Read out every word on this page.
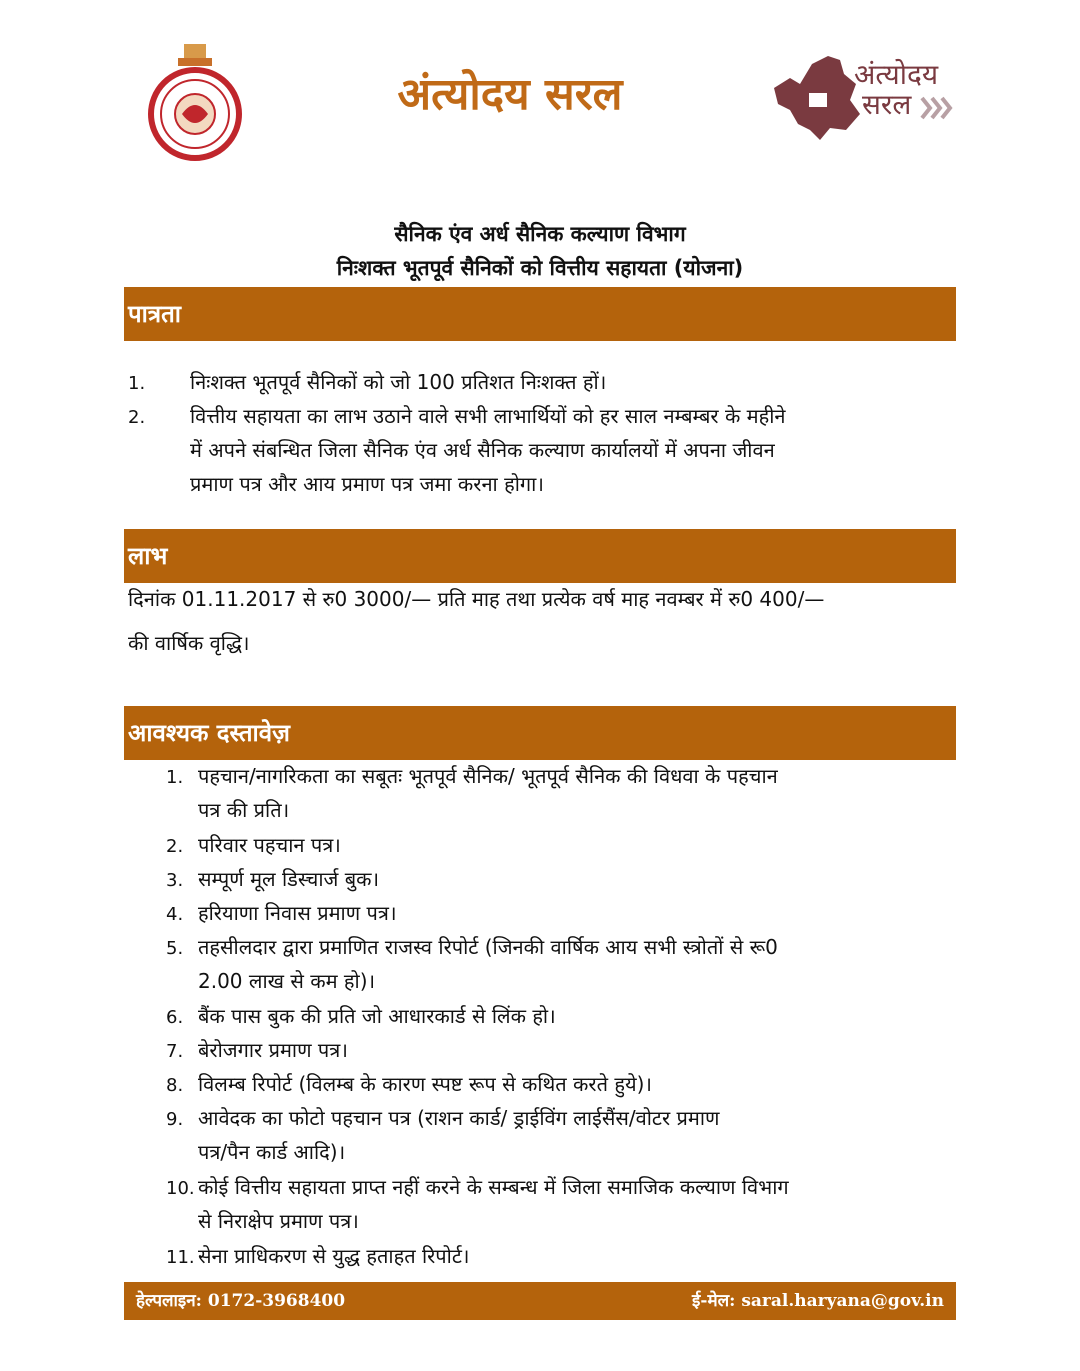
अंत्योदय सरल	अंत्योदय
सरल
सैनिक एंव अर्ध सैनिक कल्याण विभाग
निःशक्त भूतपूर्व सैनिकों को वित्तीय सहायता (योजना)
पात्रता
1. निःशक्त भूतपूर्व सैनिकों को जो 100 प्रतिशत निःशक्त हों।
2. वित्तीय सहायता का लाभ उठाने वाले सभी लाभार्थियों को हर साल नम्बम्बर के महीने
में अपने संबन्धित जिला सैनिक एंव अर्ध सैनिक कल्याण कार्यालयों में अपना जीवन
प्रमाण पत्र और आय प्रमाण पत्र जमा करना होगा।
लाभ
दिनांक 01.11.2017 से रु0 3000/— प्रति माह तथा प्रत्येक वर्ष माह नवम्बर में रु0 400/—
की वार्षिक वृद्धि।
आवश्यक दस्तावेज़
1. पहचान/नागरिकता का सबूतः भूतपूर्व सैनिक/ भूतपूर्व सैनिक की विधवा के पहचान
पत्र की प्रति।
2. परिवार पहचान पत्र।
3. सम्पूर्ण मूल डिस्चार्ज बुक।
4. हरियाणा निवास प्रमाण पत्र।
5. तहसीलदार द्वारा प्रमाणित राजस्व रिपोर्ट (जिनकी वार्षिक आय सभी स्त्रोतों से रू0
2.00 लाख से कम हो)।
6. बैंक पास बुक की प्रति जो आधारकार्ड से लिंक हो।
7. बेरोजगार प्रमाण पत्र।
8. विलम्ब रिपोर्ट (विलम्ब के कारण स्पष्ट रूप से कथित करते हुये)।
9. आवेदक का फोटो पहचान पत्र (राशन कार्ड/ ड्राईविंग लाईसैंस/वोटर प्रमाण
पत्र/पैन कार्ड आदि)।
10. कोई वित्तीय सहायता प्राप्त नहीं करने के सम्बन्ध में जिला समाजिक कल्याण विभाग
से निराक्षेप प्रमाण पत्र।
11. सेना प्राधिकरण से युद्ध हताहत रिपोर्ट।
हेल्पलाइन: 0172-3968400	ई-मेल: saral.haryana@gov.in
